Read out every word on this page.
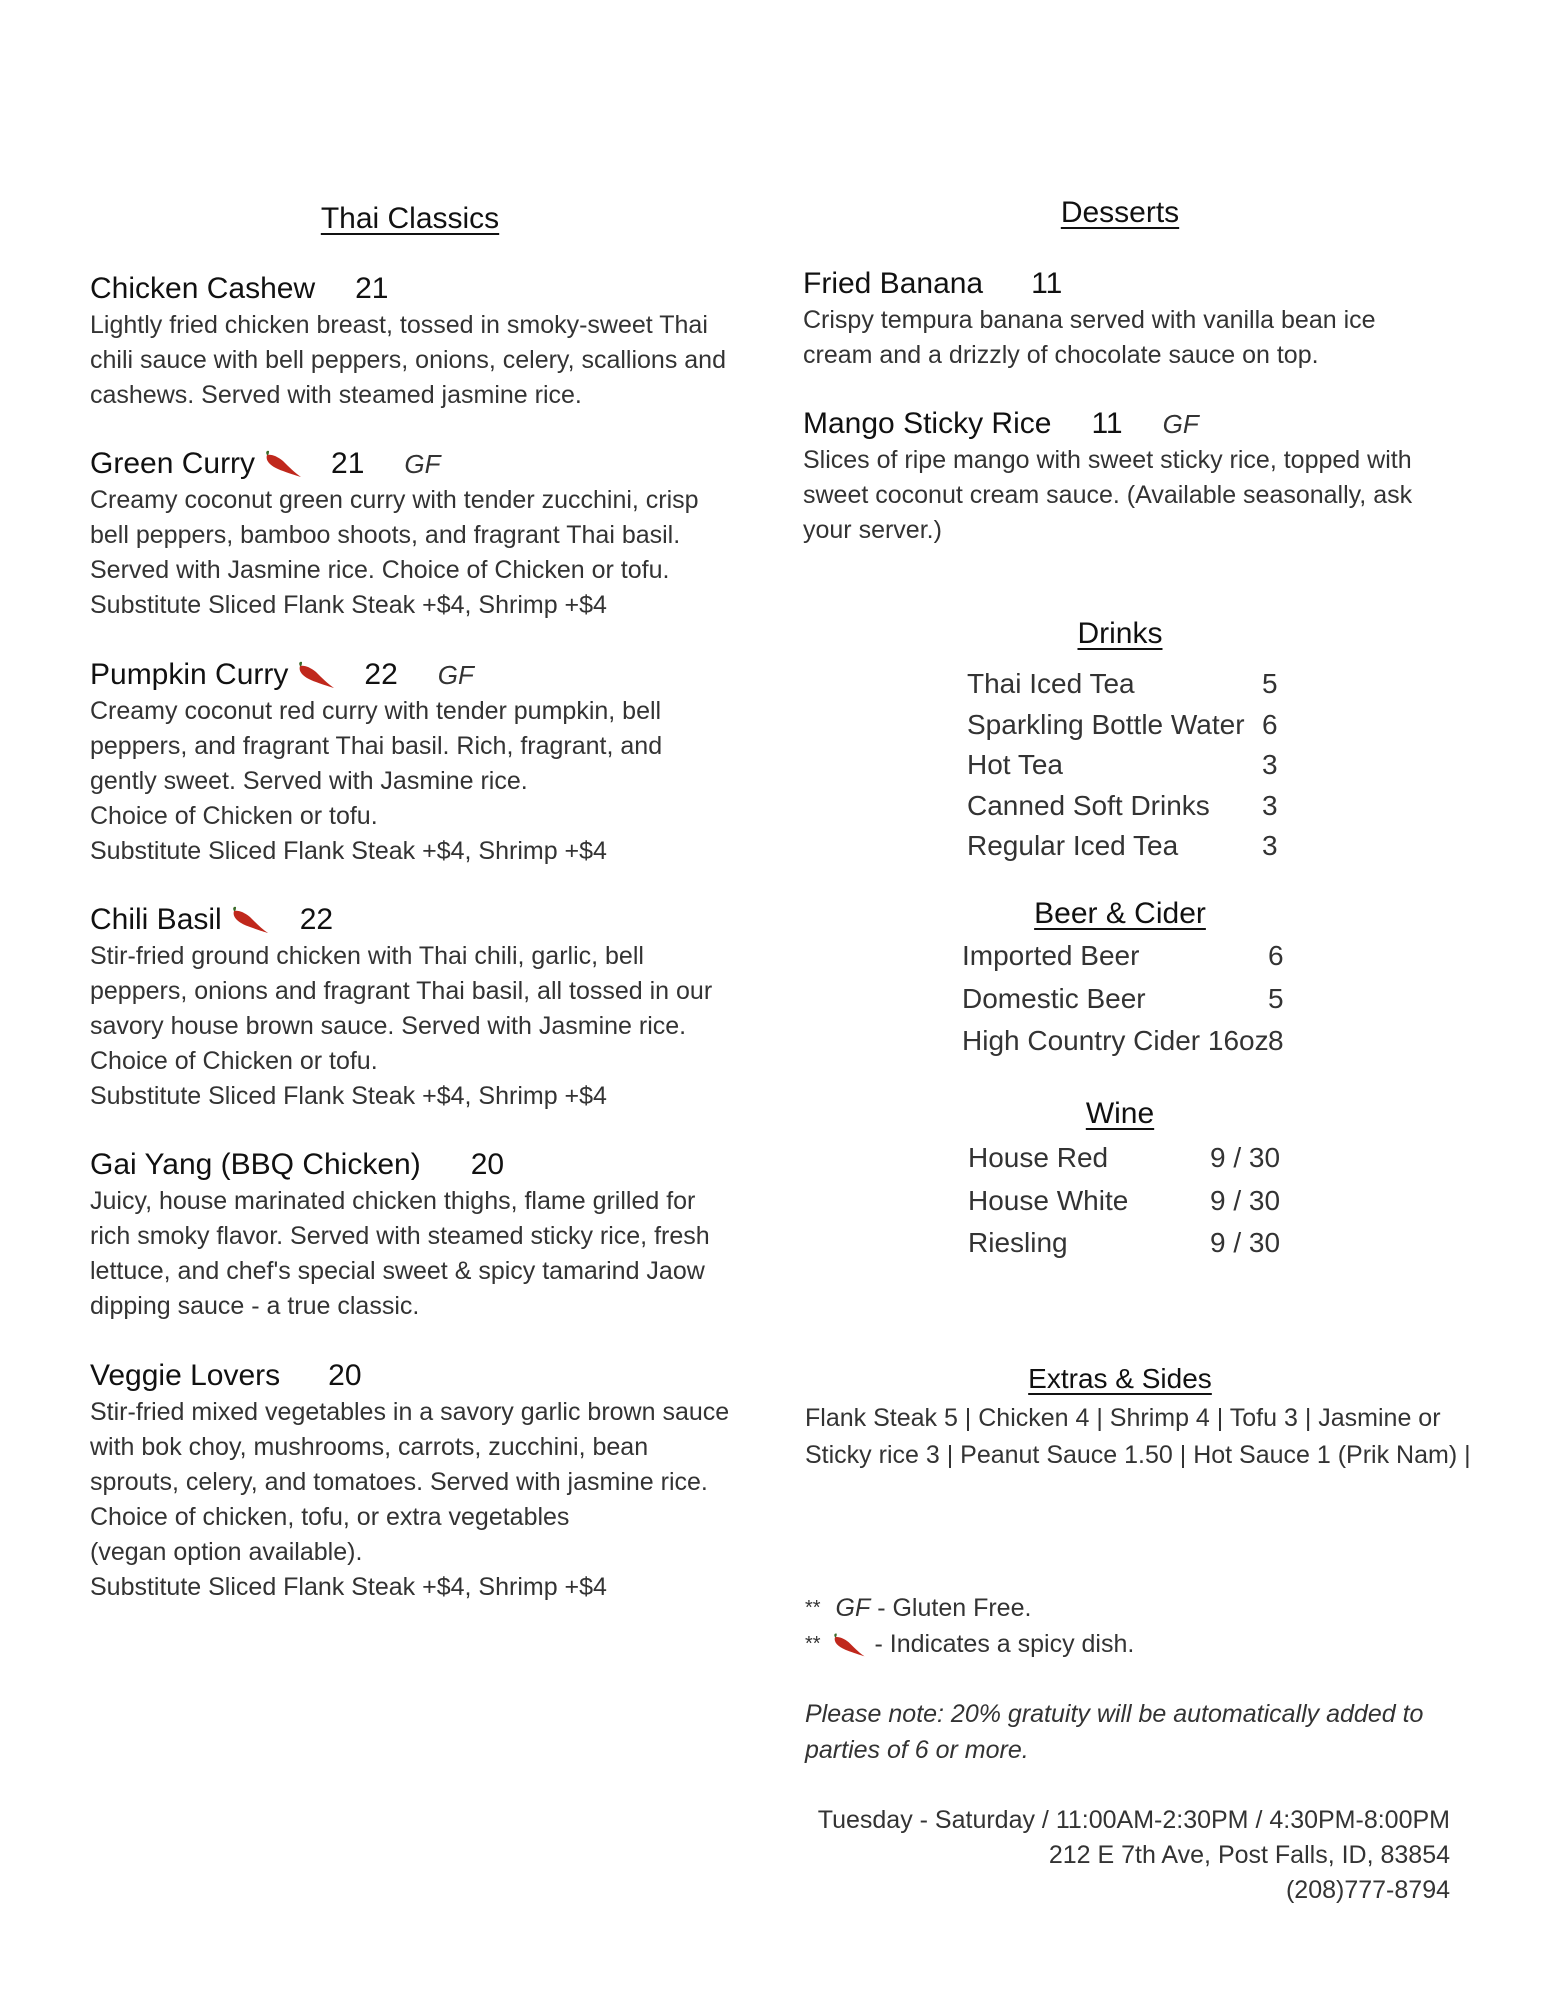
Thai Classics
Chicken Cashew 21
Lightly fried chicken breast, tossed in smoky-sweet Thai
chili sauce with bell peppers, onions, celery, scallions and
cashews. Served with steamed jasmine rice.
Green Curry	21 GF
Creamy coconut green curry with tender zucchini, crisp
bell peppers, bamboo shoots, and fragrant Thai basil.
Served with Jasmine rice. Choice of Chicken or tofu.
Substitute Sliced Flank Steak +$4, Shrimp +$4
Pumpkin Curry	22 GF
Creamy coconut red curry with tender pumpkin, bell
peppers, and fragrant Thai basil. Rich, fragrant, and
gently sweet. Served with Jasmine rice.
Choice of Chicken or tofu.
Substitute Sliced Flank Steak +$4, Shrimp +$4
Chili Basil	22
Stir-fried ground chicken with Thai chili, garlic, bell
peppers, onions and fragrant Thai basil, all tossed in our
savory house brown sauce. Served with Jasmine rice.
Choice of Chicken or tofu.
Substitute Sliced Flank Steak +$4, Shrimp +$4
Gai Yang (BBQ Chicken) 20
Juicy, house marinated chicken thighs, flame grilled for
rich smoky flavor. Served with steamed sticky rice, fresh
lettuce, and chef's special sweet & spicy tamarind Jaow
dipping sauce - a true classic.
Veggie Lovers 20
Stir-fried mixed vegetables in a savory garlic brown sauce
with bok choy, mushrooms, carrots, zucchini, bean
sprouts, celery, and tomatoes. Served with jasmine rice.
Choice of chicken, tofu, or extra vegetables
(vegan option available).
Substitute Sliced Flank Steak +$4, Shrimp +$4
Desserts
Fried Banana 11
Crispy tempura banana served with vanilla bean ice
cream and a drizzly of chocolate sauce on top.
Mango Sticky Rice 11 GF
Slices of ripe mango with sweet sticky rice, topped with
sweet coconut cream sauce. (Available seasonally, ask
your server.)
Drinks
Thai Iced Tea	5
Sparkling Bottle Water 6
Hot Tea	3
Canned Soft Drinks 3
Regular Iced Tea	3
Beer & Cider
Imported Beer	6
Domestic Beer	5
High Country Cider 16oz 8
Wine
House Red	9 / 30
House White	9 / 30
Riesling	9 / 30
Extras & Sides
Flank Steak 5 | Chicken 4 | Shrimp 4 | Tofu 3 | Jasmine or
Sticky rice 3 | Peanut Sauce 1.50 | Hot Sauce 1 (Prik Nam) |
** GF - Gluten Free.
** - Indicates a spicy dish.
Please note: 20% gratuity will be automatically added to
parties of 6 or more.
Tuesday - Saturday / 11:00AM-2:30PM / 4:30PM-8:00PM
212 E 7th Ave, Post Falls, ID, 83854
(208)777-8794
